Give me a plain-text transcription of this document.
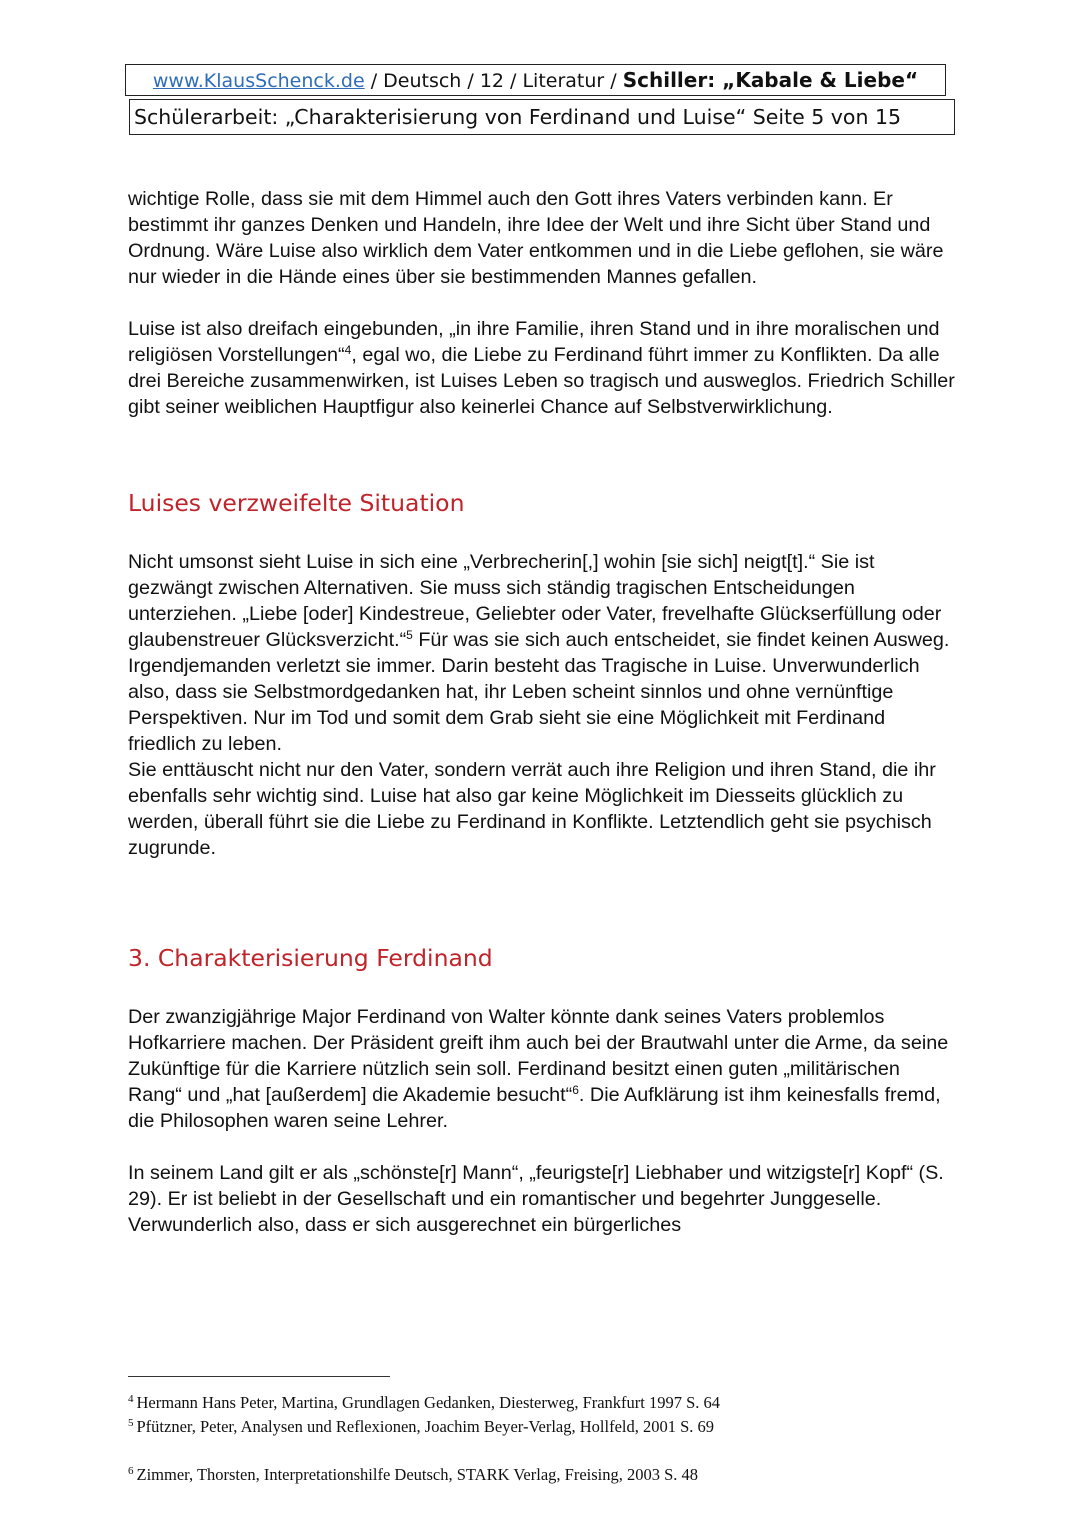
www.KlausSchenck.de / Deutsch / 12 / Literatur / Schiller: „Kabale & Liebe“
Schülerarbeit: „Charakterisierung von Ferdinand und Luise“ Seite 5 von 15

wichtige Rolle, dass sie mit dem Himmel auch den Gott ihres Vaters verbinden kann. Er bestimmt ihr ganzes Denken und Handeln, ihre Idee der Welt und ihre Sicht über Stand und Ordnung. Wäre Luise also wirklich dem Vater entkommen und in die Liebe geflohen, sie wäre nur wieder in die Hände eines über sie bestimmenden Mannes gefallen.

Luise ist also dreifach eingebunden, „in ihre Familie, ihren Stand und in ihre moralischen und religiösen Vorstellungen“$^4$, egal wo, die Liebe zu Ferdinand führt immer zu Konflikten. Da alle drei Bereiche zusammenwirken, ist Luises Leben so tragisch und ausweglos. Friedrich Schiller gibt seiner weiblichen Hauptfigur also keinerlei Chance auf Selbstverwirklichung.

Luises verzweifelte Situation

Nicht umsonst sieht Luise in sich eine „Verbrecherin[,] wohin [sie sich] neigt[t].“ Sie ist gezwängt zwischen Alternativen. Sie muss sich ständig tragischen Entscheidungen unterziehen. „Liebe [oder] Kindestreue, Geliebter oder Vater, frevelhafte Glückserfüllung oder glaubenstreuer Glücksverzicht.“$^5$ Für was sie sich auch entscheidet, sie findet keinen Ausweg. Irgendjemanden verletzt sie immer. Darin besteht das Tragische in Luise. Unverwunderlich also, dass sie Selbstmordgedanken hat, ihr Leben scheint sinnlos und ohne vernünftige Perspektiven. Nur im Tod und somit dem Grab sieht sie eine Möglichkeit mit Ferdinand friedlich zu leben.

Sie enttäuscht nicht nur den Vater, sondern verrät auch ihre Religion und ihren Stand, die ihr ebenfalls sehr wichtig sind. Luise hat also gar keine Möglichkeit im Diesseits glücklich zu werden, überall führt sie die Liebe zu Ferdinand in Konflikte. Letztendlich geht sie psychisch zugrunde.

3. Charakterisierung Ferdinand

Der zwanzigjährige Major Ferdinand von Walter könnte dank seines Vaters problemlos Hofkarriere machen. Der Präsident greift ihm auch bei der Brautwahl unter die Arme, da seine Zukünftige für die Karriere nützlich sein soll. Ferdinand besitzt einen guten „militärischen Rang“ und „hat [außerdem] die Akademie besucht“$^6$. Die Aufklärung ist ihm keinesfalls fremd, die Philosophen waren seine Lehrer.

In seinem Land gilt er als „schönste[r] Mann“, „feurigste[r] Liebhaber und witzigste[r] Kopf“ (S. 29). Er ist beliebt in der Gesellschaft und ein romantischer und begehrter Junggeselle. Verwunderlich also, dass er sich ausgerechnet ein bürgerliches

$^4$ Hermann Hans Peter, Martina, Grundlagen Gedanken, Diesterweg, Frankfurt 1997 S. 64
$^5$ Pfützner, Peter, Analysen und Reflexionen, Joachim Beyer-Verlag, Hollfeld, 2001 S. 69
$^6$ Zimmer, Thorsten, Interpretationshilfe Deutsch, STARK Verlag, Freising, 2003 S. 48
